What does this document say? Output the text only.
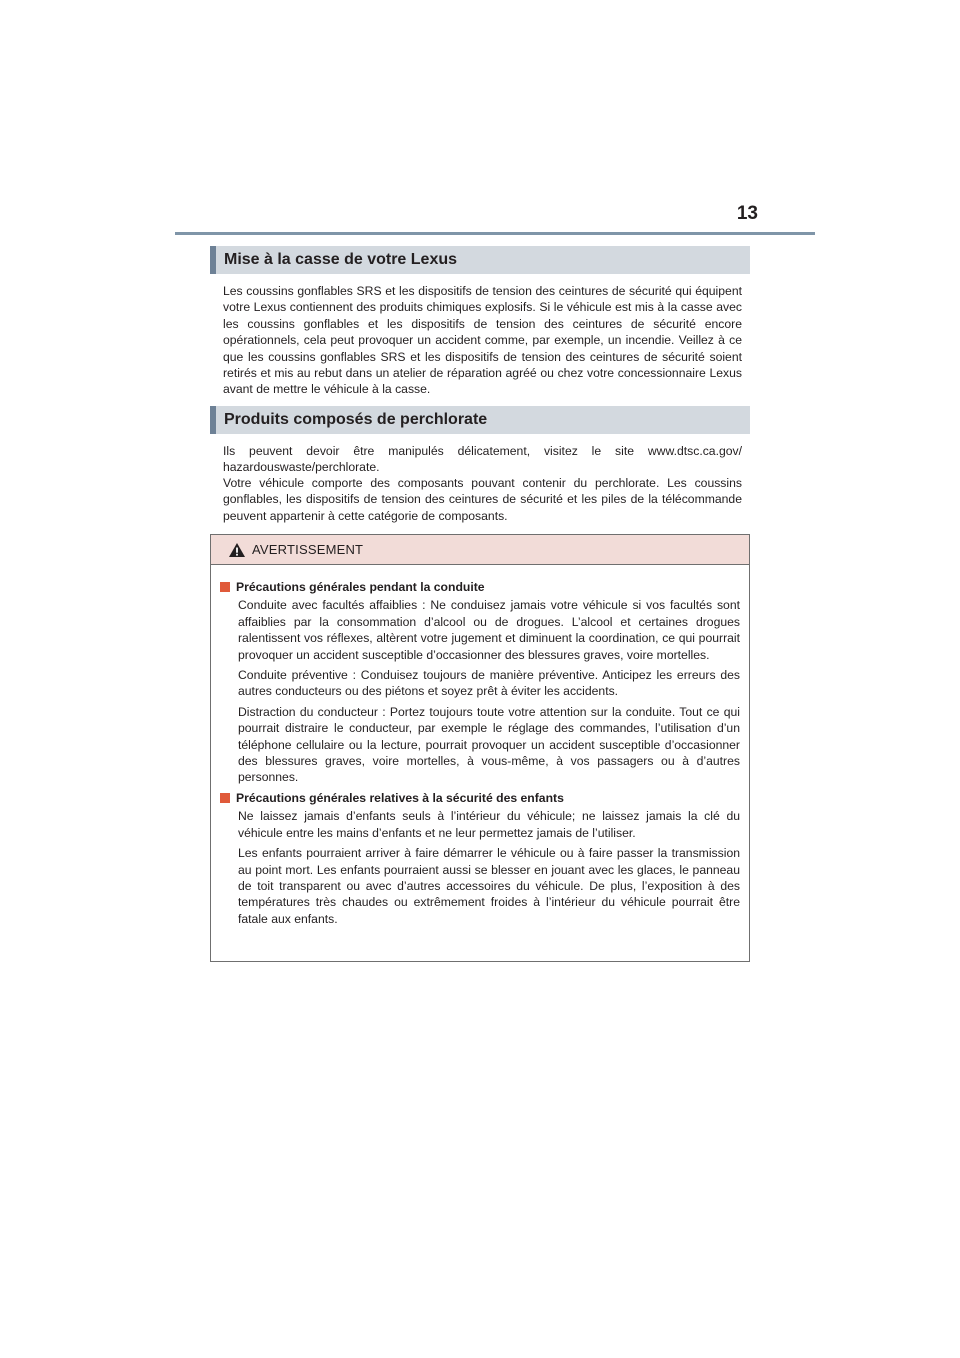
13
Mise à la casse de votre Lexus

Les coussins gonflables SRS et les dispositifs de tension des ceintures de sécurité qui équipent votre Lexus contiennent des produits chimiques explosifs. Si le véhicule est mis à la casse avec les coussins gonflables et les dispositifs de tension des ceintures de sécurité encore opérationnels, cela peut provoquer un accident comme, par exemple, un incendie. Veillez à ce que les coussins gonflables SRS et les dispositifs de tension des ceintures de sécurité soient retirés et mis au rebut dans un atelier de réparation agréé ou chez votre concessionnaire Lexus avant de mettre le véhicule à la casse.

Produits composés de perchlorate

Ils peuvent devoir être manipulés délicatement, visitez le site www.dtsc.ca.gov/ hazardouswaste/perchlorate.

Votre véhicule comporte des composants pouvant contenir du perchlorate. Les coussins gonflables, les dispositifs de tension des ceintures de sécurité et les piles de la télécommande peuvent appartenir à cette catégorie de composants.

AVERTISSEMENT
Précautions générales pendant la conduite

Conduite avec facultés affaiblies : Ne conduisez jamais votre véhicule si vos facultés sont affaiblies par la consommation d’alcool ou de drogues. L’alcool et certaines drogues ralentissent vos réflexes, altèrent votre jugement et diminuent la coordination, ce qui pourrait provoquer un accident susceptible d’occasionner des blessures graves, voire mortelles.

Conduite préventive : Conduisez toujours de manière préventive. Anticipez les erreurs des autres conducteurs ou des piétons et soyez prêt à éviter les accidents.

Distraction du conducteur : Portez toujours toute votre attention sur la conduite. Tout ce qui pourrait distraire le conducteur, par exemple le réglage des commandes, l’utilisation d’un téléphone cellulaire ou la lecture, pourrait provoquer un accident susceptible d’occasionner des blessures graves, voire mortelles, à vous-même, à vos passagers ou à d’autres personnes.

Précautions générales relatives à la sécurité des enfants

Ne laissez jamais d’enfants seuls à l’intérieur du véhicule; ne laissez jamais la clé du véhicule entre les mains d’enfants et ne leur permettez jamais de l’utiliser.

Les enfants pourraient arriver à faire démarrer le véhicule ou à faire passer la transmission au point mort. Les enfants pourraient aussi se blesser en jouant avec les glaces, le panneau de toit transparent ou avec d’autres accessoires du véhicule. De plus, l’exposition à des températures très chaudes ou extrêmement froides à l’intérieur du véhicule pourrait être fatale aux enfants.
